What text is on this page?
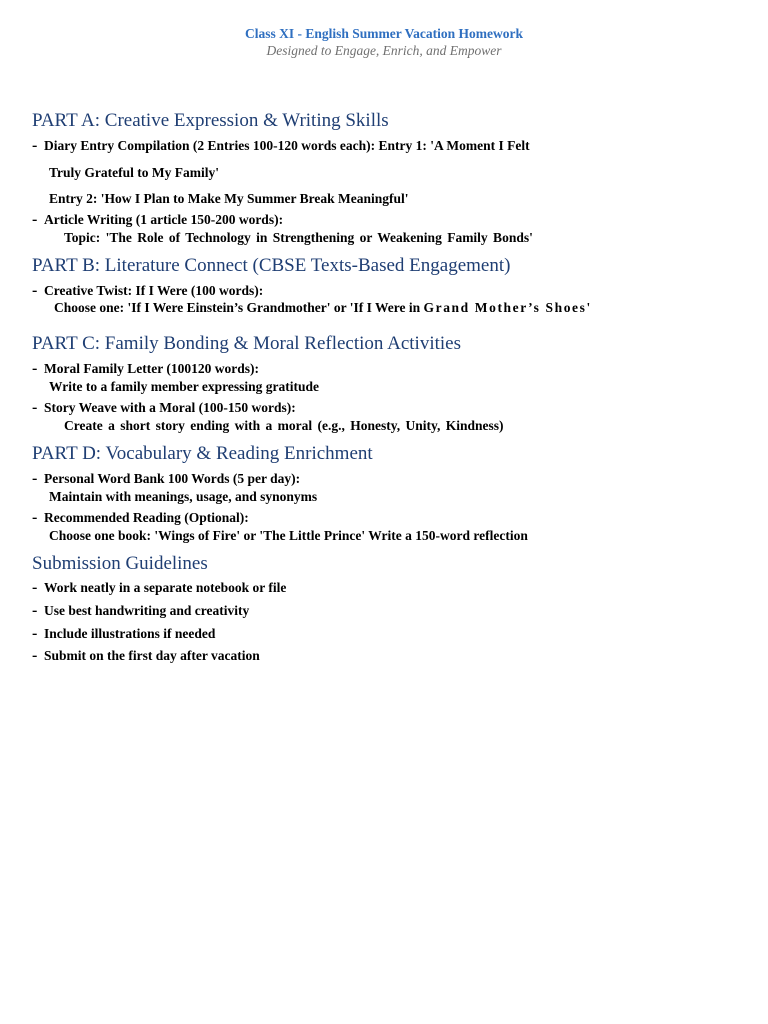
Class XI - English Summer Vacation Homework
Designed to Engage, Enrich, and Empower
PART A: Creative Expression & Writing Skills
- Diary Entry Compilation (2 Entries 100-120 words each): Entry 1: 'A Moment I Felt
Truly Grateful to My Family'
Entry 2: 'How I Plan to Make My Summer Break Meaningful'
- Article Writing (1 article 150-200 words):
Topic: 'The Role of Technology in Strengthening or Weakening Family Bonds'
PART B: Literature Connect (CBSE Texts-Based Engagement)
- Creative Twist: If I Were (100 words):
Choose one: 'If I Were Einstein’s Grandmother' or 'If I Were in Grand Mother’s Shoes'
PART C: Family Bonding & Moral Reflection Activities
- Moral Family Letter (100120 words):
Write to a family member expressing gratitude
- Story Weave with a Moral (100-150 words):
Create a short story ending with a moral (e.g., Honesty, Unity, Kindness)
PART D: Vocabulary & Reading Enrichment
- Personal Word Bank 100 Words (5 per day):
Maintain with meanings, usage, and synonyms
- Recommended Reading (Optional):
Choose one book: 'Wings of Fire' or 'The Little Prince' Write a 150-word reflection
Submission Guidelines
- Work neatly in a separate notebook or file
- Use best handwriting and creativity
- Include illustrations if needed
- Submit on the first day after vacation
